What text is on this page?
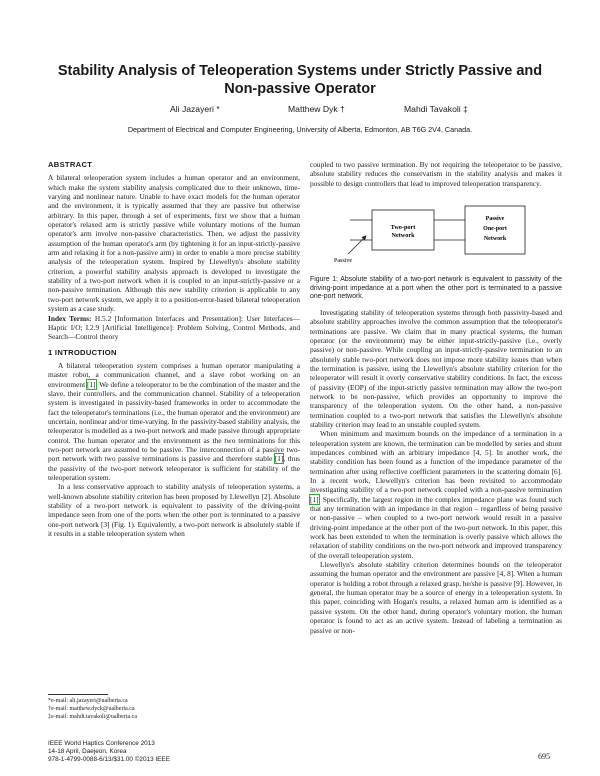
Stability Analysis of Teleoperation Systems under Strictly Passive and
Non-passive Operator
Ali Jazayeri *	Matthew Dyk †	Mahdi Tavakoli ‡
Department of Electrical and Computer Engineering, University of Alberta, Edmonton, AB T6G 2V4, Canada.
ABSTRACT

A bilateral teleoperation system includes a human operator and an environment, which make the system stability analysis complicated due to their unknown, time-varying and nonlinear nature. Unable to have exact models for the human operator and the environment, it is typically assumed that they are passive but otherwise arbitrary. In this paper, through a set of experiments, first we show that a human operator's relaxed arm is strictly passive while voluntary motions of the human operator's arm involve non-passive characteristics. Then, we adjust the passivity assumption of the human operator's arm (by tightening it for an input-strictly-passive arm and relaxing it for a non-passive arm) in order to enable a more precise stability analysis of the teleoperation system. Inspired by Llewellyn's absolute stability criterion, a powerful stability analysis approach is developed to investigate the stability of a two-port network when it is coupled to an input-strictly-passive or a non-passive termination. Although this new stability criterion is applicable to any two-port network system, we apply it to a position-error-based bilateral teleoperation system as a case study.

Index Terms: H.5.2 [Information Interfaces and Presentation]: User Interfaces—Haptic I/O; I.2.9 [Artificial Intelligence]: Problem Solving, Control Methods, and Search—Control theory

1 INTRODUCTION

A bilateral teleoperation system comprises a human operator manipulating a master robot, a communication channel, and a slave robot working on an environment [1]. We define a teleoperator to be the combination of the master and the slave, their controllers, and the communication channel. Stability of a teleoperation system is investigated in passivity-based frameworks in order to accommodate the fact the teleoperator's terminations (i.e., the human operator and the environment) are uncertain, nonlinear and/or time-varying. In the passivity-based stability analysis, the teleoperator is modelled as a two-port network and made passive through appropriate control. The human operator and the environment as the two terminations for this two-port network are assumed to be passive. The interconnection of a passive two-port network with two passive terminations is passive and therefore stable [1], thus the passivity of the two-port network teleoperator is sufficient for stability of the teleoperation system.

In a less conservative approach to stability analysis of teleoperation systems, a well-known absolute stability criterion has been proposed by Llewellyn [2]. Absolute stability of a two-port network is equivalent to passivity of the driving-point impedance seen from one of the ports when the other port is terminated to a passive one-port network [3] (Fig. 1). Equivalently, a two-port network is absolutely stable if it results in a stable teleoperation system when

*e-mail: ali.jazayeri@ualberta.ca
†e-mail: matthew.dyck@ualberta.ca
‡e-mail: mahdi.tavakoli@ualberta.ca
IEEE World Haptics Conference 2013
14-18 April, Daejeon, Korea
978-1-4799-0088-6/13/$31.00 ©2013 IEEE

coupled to two passive termination. By not requiring the teleoperator to be passive, absolute stability reduces the conservatism in the stability analysis and makes it possible to design controllers that lead to improved teleoperation transparency.

Two-port
Network
Passive
One-port
Network
Passive
Figure 1: Absolute stability of a two-port network is equivalent to passivity of the driving-point impedance at a port when the other port is terminated to a passive one-port network.

Investigating stability of teleoperation systems through both passivity-based and absolute stability approaches involve the common assumption that the teleoperator's terminations are passive. We claim that in many practical systems, the human operator (or the environment) may be either input-strictly-passive (i.e., overly passive) or non-passive. While coupling an input-strictly-passive termination to an absolutely stable two-port network does not impose more stability issues than when the termination is passive, using the Llewellyn's absolute stability criterion for the teleoperator will result it overly conservative stability conditions. In fact, the excess of passivity (EOP) of the input-strictly passive termination may allow the two-port network to be non-passive, which provides an opportunity to improve the transparency of the teleoperation system. On the other hand, a non-passive termination coupled to a two-port network that satisfies the Llewellyn's absolute stability criterion may lead to an unstable coupled system.

When minimum and maximum bounds on the impedance of a termination in a teleoperation system are known, the termination can be modelled by series and shunt impedances combined with an arbitrary impedance [4, 5]. In another work, the stability condition has been found as a function of the impedance parameter of the termination after using reflective coefficient parameters in the scattering domain [6]. In a recent work, Llewellyn's criterion has been revisited to accommodate investigating stability of a two-port network coupled with a non-passive termination [1]. Specifically, the largest region in the complex impedance plane was found such that any termination with an impedance in that region – regardless of being passive or non-passive – when coupled to a two-port network would result in a passive driving-point impedance at the other port of the two-port network. In this paper, this work has been extended to when the termination is overly passive which allows the relaxation of stability conditions on the two-port network and improved transparency of the overall teleoperation system.

Llewellyn's absolute stability criterion determines bounds on the teleoperator assuming the human operator and the environment are passive [4, 8]. When a human operator is holding a robot through a relaxed grasp, he/she is passive [9]. However, in general, the human operator may be a source of energy in a teleoperation system. In this paper, coinciding with Hogan's results, a relaxed human arm is identified as a passive system. On the other hand, during operator's voluntary motion, the human operator is found to act as an active system. Instead of labeling a termination as passive or non-

695
